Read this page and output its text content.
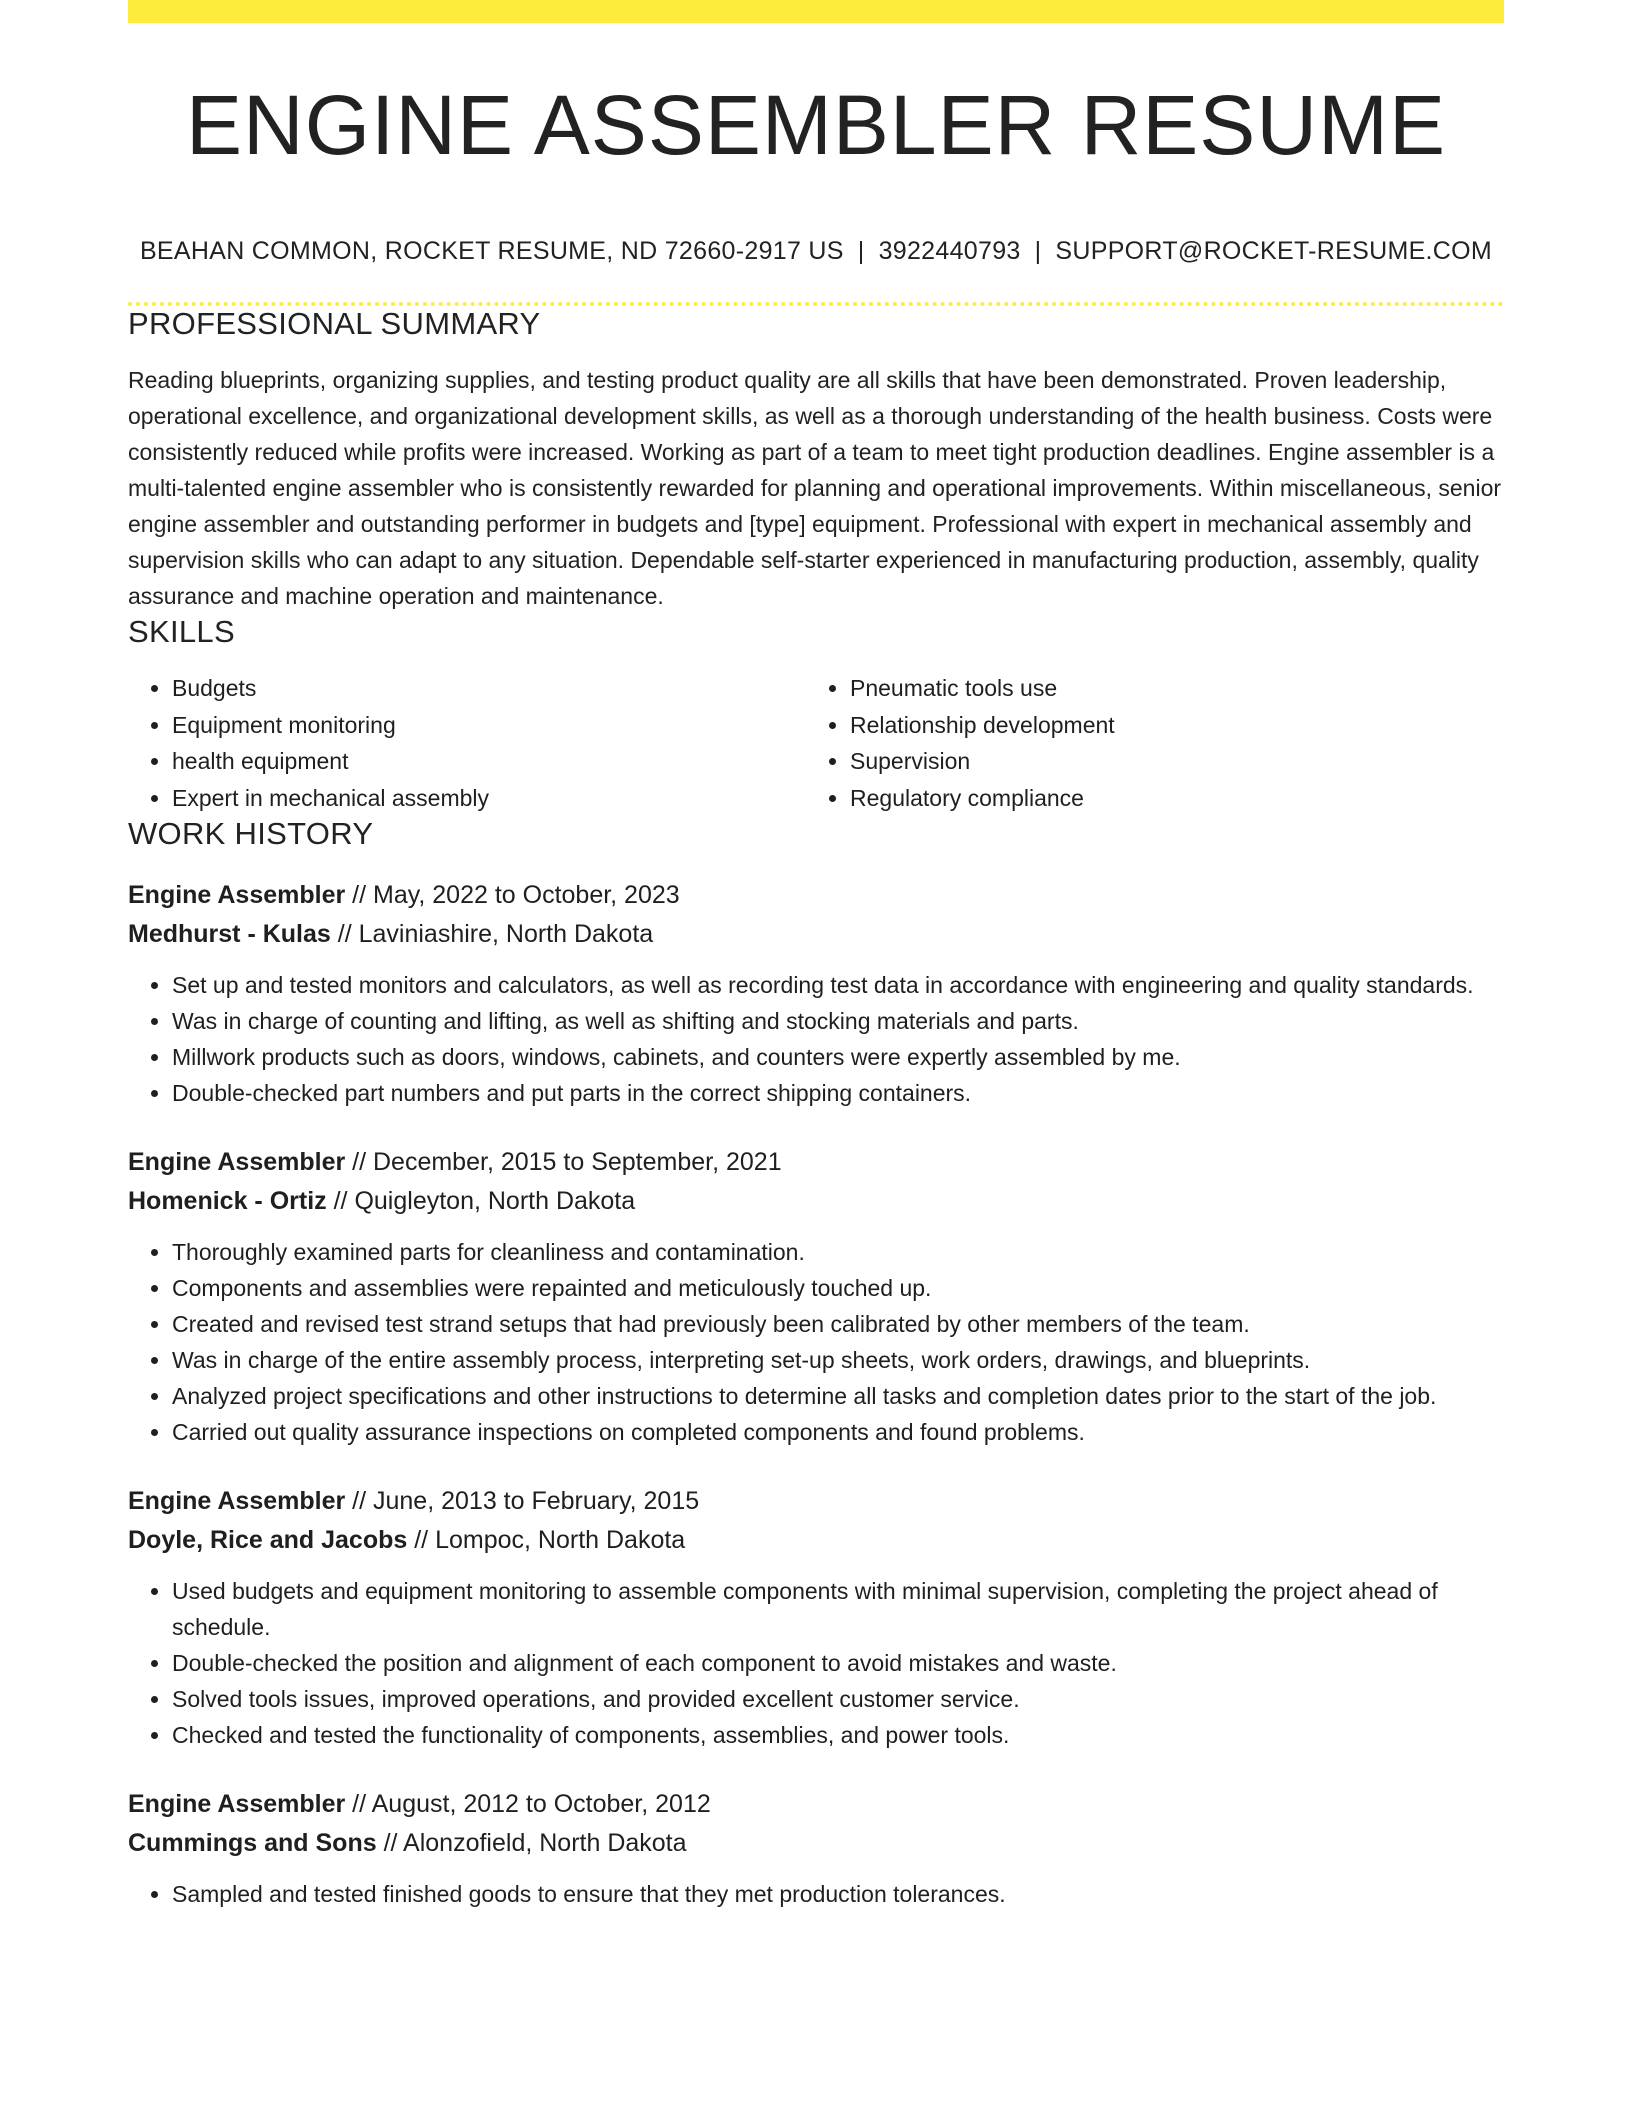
ENGINE ASSEMBLER RESUME
BEAHAN COMMON, ROCKET RESUME, ND 72660-2917 US | 3922440793 | SUPPORT@ROCKET-RESUME.COM
PROFESSIONAL SUMMARY

Reading blueprints, organizing supplies, and testing product quality are all skills that have been demonstrated. Proven leadership, operational excellence, and organizational development skills, as well as a thorough understanding of the health business. Costs were consistently reduced while profits were increased. Working as part of a team to meet tight production deadlines. Engine assembler is a multi-talented engine assembler who is consistently rewarded for planning and operational improvements. Within miscellaneous, senior engine assembler and outstanding performer in budgets and [type] equipment. Professional with expert in mechanical assembly and supervision skills who can adapt to any situation. Dependable self-starter experienced in manufacturing production, assembly, quality assurance and machine operation and maintenance.

SKILLS
• Budgets
• Equipment monitoring
• health equipment
• Expert in mechanical assembly
• Pneumatic tools use
• Relationship development
• Supervision
• Regulatory compliance
WORK HISTORY
Engine Assembler // May, 2022 to October, 2023
Medhurst - Kulas // Laviniashire, North Dakota
• Set up and tested monitors and calculators, as well as recording test data in accordance with engineering and quality standards.
• Was in charge of counting and lifting, as well as shifting and stocking materials and parts.
• Millwork products such as doors, windows, cabinets, and counters were expertly assembled by me.
• Double-checked part numbers and put parts in the correct shipping containers.
Engine Assembler // December, 2015 to September, 2021
Homenick - Ortiz // Quigleyton, North Dakota
• Thoroughly examined parts for cleanliness and contamination.
• Components and assemblies were repainted and meticulously touched up.
• Created and revised test strand setups that had previously been calibrated by other members of the team.
• Was in charge of the entire assembly process, interpreting set-up sheets, work orders, drawings, and blueprints.
• Analyzed project specifications and other instructions to determine all tasks and completion dates prior to the start of the job.
• Carried out quality assurance inspections on completed components and found problems.
Engine Assembler // June, 2013 to February, 2015
Doyle, Rice and Jacobs // Lompoc, North Dakota
• Used budgets and equipment monitoring to assemble components with minimal supervision, completing the project ahead of schedule.
• Double-checked the position and alignment of each component to avoid mistakes and waste.
• Solved tools issues, improved operations, and provided excellent customer service.
• Checked and tested the functionality of components, assemblies, and power tools.
Engine Assembler // August, 2012 to October, 2012
Cummings and Sons // Alonzofield, North Dakota
• Sampled and tested finished goods to ensure that they met production tolerances.
